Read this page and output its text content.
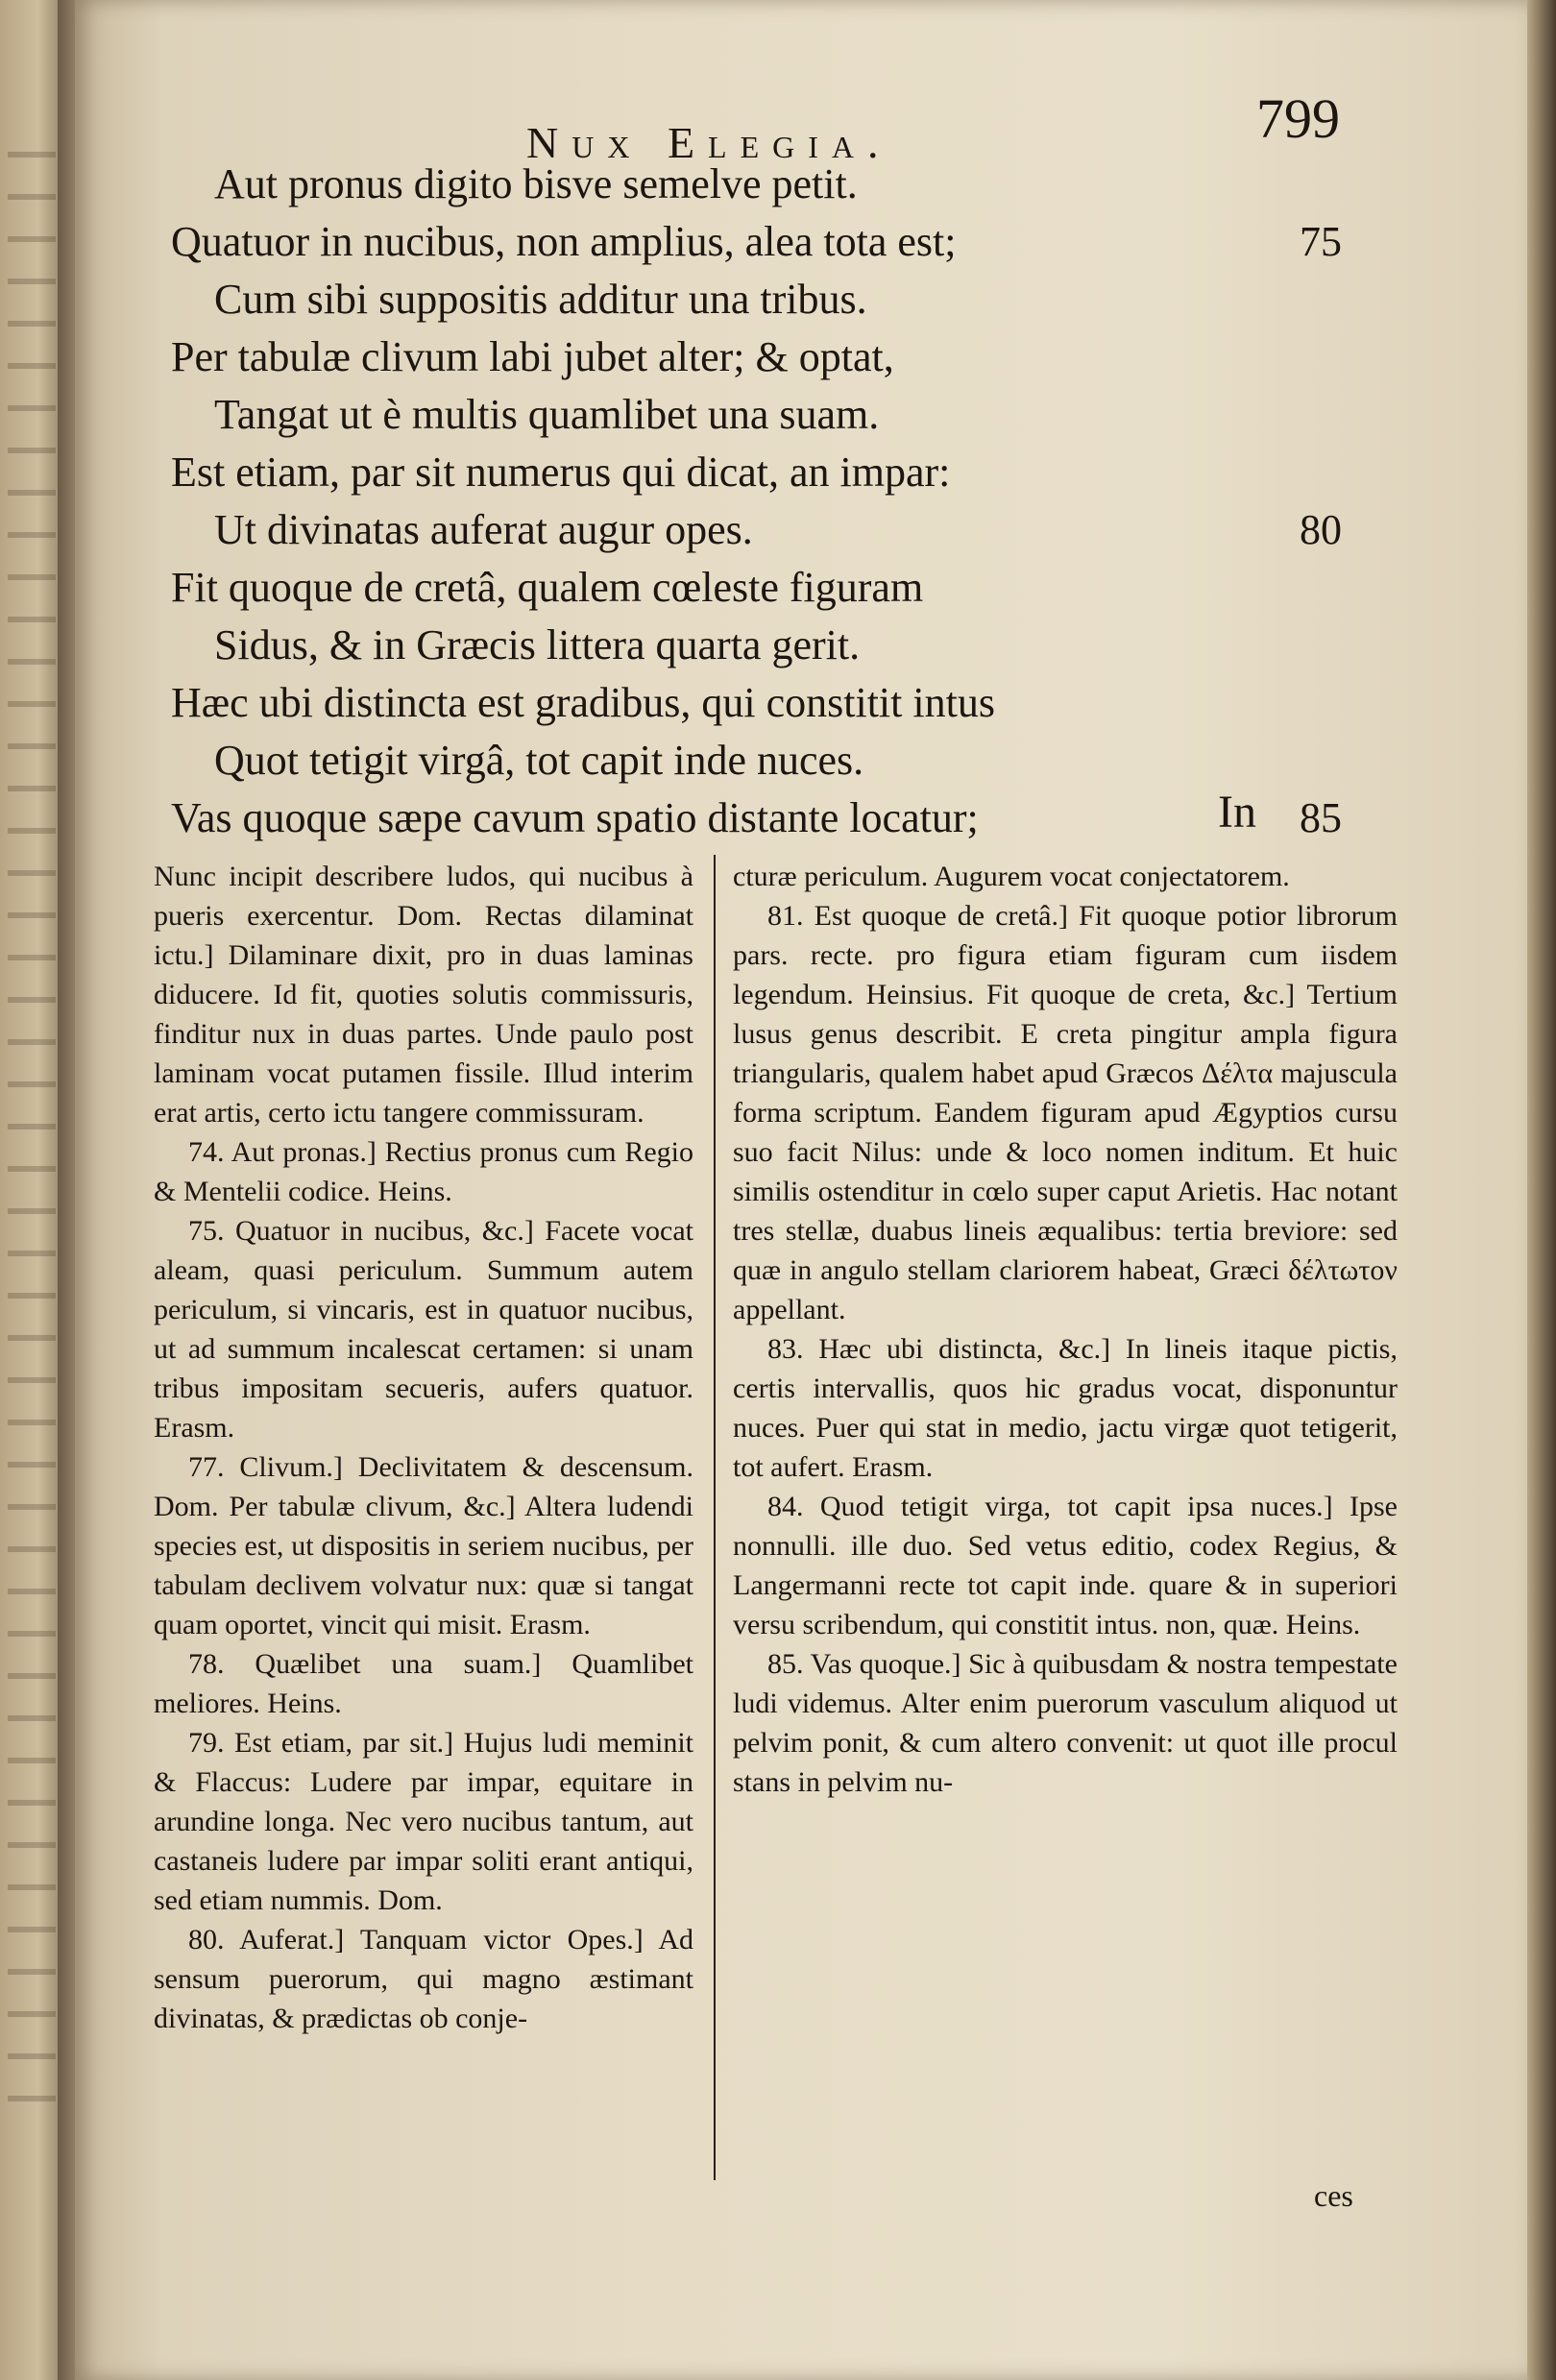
Nux Elegia.	799
Aut pronus digito bisve semelve petit.
Quatuor in nucibus, non amplius, alea tota est;	75
Cum sibi suppositis additur una tribus.
Per tabulæ clivum labi jubet alter; & optat,
Tangat ut è multis quamlibet una suam.
Est etiam, par sit numerus qui dicat, an impar:
Ut divinatas auferat augur opes.	80
Fit quoque de cretâ, qualem cœleste figuram
Sidus, & in Græcis littera quarta gerit.
Hæc ubi distincta est gradibus, qui constitit intus
Quot tetigit virgâ, tot capit inde nuces.
Vas quoque sæpe cavum spatio distante locatur;	85
In

Nunc incipit describere ludos, qui nucibus à pueris exercentur. Dom. Rectas dilaminat ictu.] Dilaminare dixit, pro in duas laminas diducere. Id fit, quoties solutis commissuris, finditur nux in duas partes. Unde paulo post laminam vocat putamen fissile. Illud interim erat artis, certo ictu tangere commissuram.

74. Aut pronas.] Rectius pronus cum Regio & Mentelii codice. Heins.

75. Quatuor in nucibus, &c.] Facete vocat aleam, quasi periculum. Summum autem periculum, si vincaris, est in quatuor nucibus, ut ad summum incalescat certamen: si unam tribus impositam secueris, aufers quatuor. Erasm.

77. Clivum.] Declivitatem & descensum. Dom. Per tabulæ clivum, &c.] Altera ludendi species est, ut dispositis in seriem nucibus, per tabulam declivem volvatur nux: quæ si tangat quam oportet, vincit qui misit. Erasm.

78. Quælibet una suam.] Quamlibet meliores. Heins.

79. Est etiam, par sit.] Hujus ludi meminit & Flaccus: Ludere par impar, equitare in arundine longa. Nec vero nucibus tantum, aut castaneis ludere par impar soliti erant antiqui, sed etiam nummis. Dom.

80. Auferat.] Tanquam victor Opes.] Ad sensum puerorum, qui magno æstimant divinatas, & prædictas ob conje-

cturæ periculum. Augurem vocat conjectatorem.

81. Est quoque de cretâ.] Fit quoque potior librorum pars. recte. pro figura etiam figuram cum iisdem legendum. Heinsius. Fit quoque de creta, &c.] Tertium lusus genus describit. E creta pingitur ampla figura triangularis, qualem habet apud Græcos Δέλτα majuscula forma scriptum. Eandem figuram apud Ægyptios cursu suo facit Nilus: unde & loco nomen inditum. Et huic similis ostenditur in cœlo super caput Arietis. Hac notant tres stellæ, duabus lineis æqualibus: tertia breviore: sed quæ in angulo stellam clariorem habeat, Græci δέλτωτον appellant.

83. Hæc ubi distincta, &c.] In lineis itaque pictis, certis intervallis, quos hic gradus vocat, disponuntur nuces. Puer qui stat in medio, jactu virgæ quot tetigerit, tot aufert. Erasm.

84. Quod tetigit virga, tot capit ipsa nuces.] Ipse nonnulli. ille duo. Sed vetus editio, codex Regius, & Langermanni recte tot capit inde. quare & in superiori versu scribendum, qui constitit intus. non, quæ. Heins.

85. Vas quoque.] Sic à quibusdam & nostra tempestate ludi videmus. Alter enim puerorum vasculum aliquod ut pelvim ponit, & cum altero convenit: ut quot ille procul stans in pelvim nu-

ces
